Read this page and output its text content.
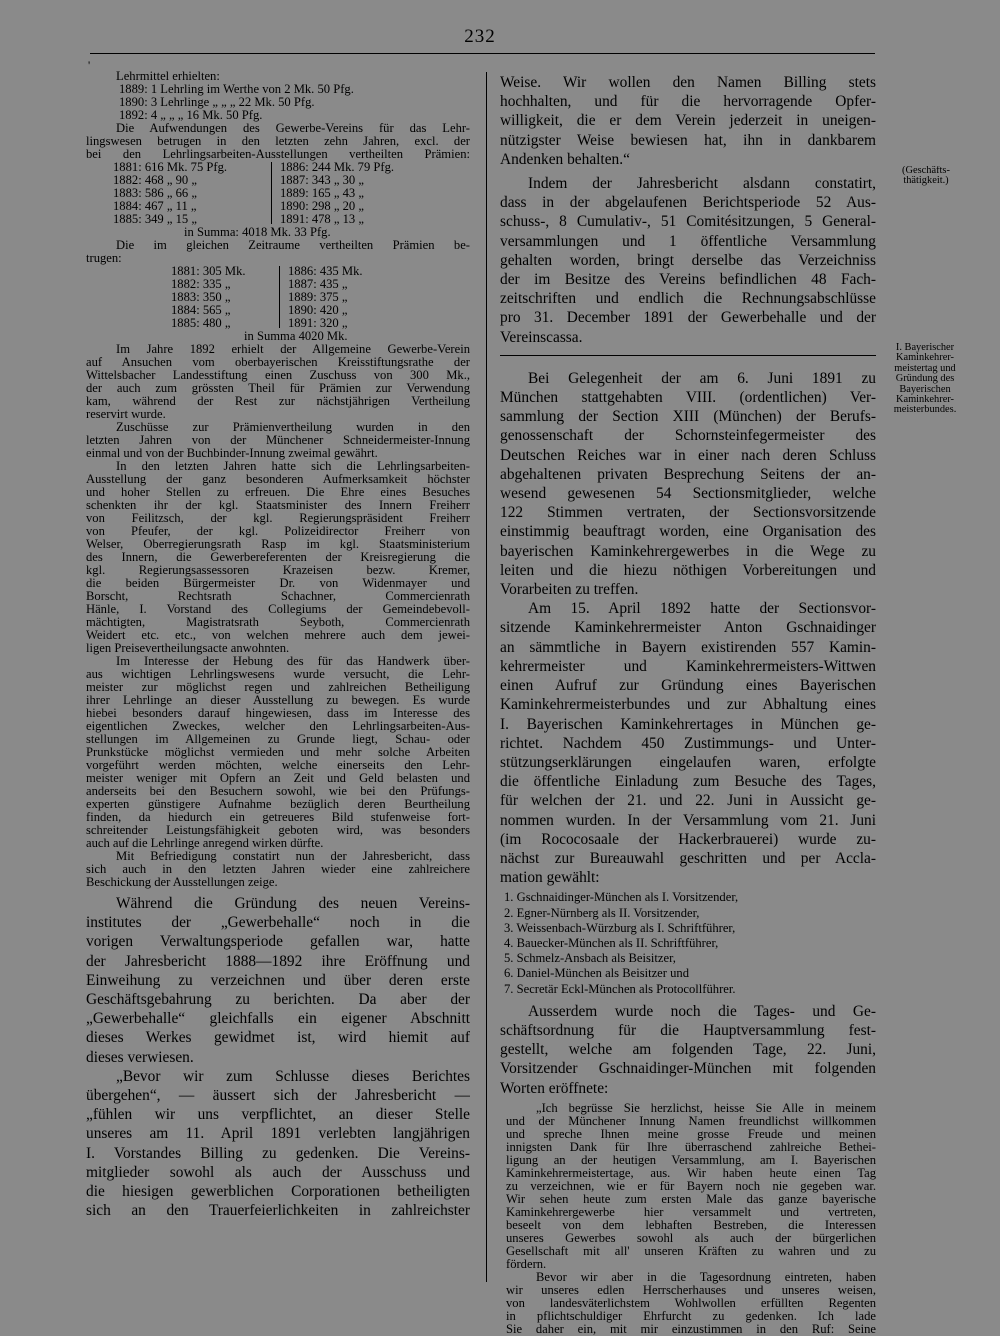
232
'
Lehrmittel erhielten:
1889: 1 Lehrling im Werthe von 2 Mk. 50 Pfg.
1890: 3 Lehrlinge „ „ „ 22 Mk. 50 Pfg.
1892: 4 „ „ „ 16 Mk. 50 Pfg.
Die Aufwendungen des Gewerbe-Vereins für das Lehr-
lingswesen betrugen in den letzten zehn Jahren, excl. der
bei den Lehrlingsarbeiten-Ausstellungen vertheilten Prämien:
1881: 616 Mk. 75 Pfg.
1882: 468 „ 90 „
1883: 586 „ 66 „
1884: 467 „ 11 „
1885: 349 „ 15 „
1886: 244 Mk. 79 Pfg.
1887: 343 „ 30 „
1889: 165 „ 43 „
1890: 298 „ 20 „
1891: 478 „ 13 „
in Summa: 4018 Mk. 33 Pfg.
Die im gleichen Zeitraume vertheilten Prämien be-
trugen:
1881: 305 Mk.
1882: 335 „
1883: 350 „
1884: 565 „
1885: 480 „
1886: 435 Mk.
1887: 435 „
1889: 375 „
1890: 420 „
1891: 320 „
in Summa 4020 Mk.
Im Jahre 1892 erhielt der Allgemeine Gewerbe-Verein
auf Ansuchen vom oberbayerischen Kreisstiftungsrathe der
Wittelsbacher Landesstiftung einen Zuschuss von 300 Mk.,
der auch zum grössten Theil für Prämien zur Verwendung
kam, während der Rest zur nächstjährigen Vertheilung
reservirt wurde.
Zuschüsse zur Prämienvertheilung wurden in den
letzten Jahren von der Münchener Schneidermeister-Innung
einmal und von der Buchbinder-Innung zweimal gewährt.
In den letzten Jahren hatte sich die Lehrlingsarbeiten-
Ausstellung der ganz besonderen Aufmerksamkeit höchster
und hoher Stellen zu erfreuen. Die Ehre eines Besuches
schenkten ihr der kgl. Staatsminister des Innern Freiherr
von Feilitzsch, der kgl. Regierungspräsident Freiherr
von Pfeufer, der kgl. Polizeidirector Freiherr von
Welser, Oberregierungsrath Rasp im kgl. Staatsministerium
des Innern, die Gewerbereferenten der Kreisregierung die
kgl. Regierungsassessoren Krazeisen bezw. Kremer,
die beiden Bürgermeister Dr. von Widenmayer und
Borscht, Rechtsrath Schachner, Commercienrath
Hänle, I. Vorstand des Collegiums der Gemeindebevoll-
mächtigten, Magistratsrath Seyboth, Commercienrath
Weidert etc. etc., von welchen mehrere auch dem jewei-
ligen Preisevertheilungsacte anwohnten.
Im Interesse der Hebung des für das Handwerk über-
aus wichtigen Lehrlingswesens wurde versucht, die Lehr-
meister zur möglichst regen und zahlreichen Betheiligung
ihrer Lehrlinge an dieser Ausstellung zu bewegen. Es wurde
hiebei besonders darauf hingewiesen, dass im Interesse des
eigentlichen Zweckes, welcher den Lehrlingsarbeiten-Aus-
stellungen im Allgemeinen zu Grunde liegt, Schau- oder
Prunkstücke möglichst vermieden und mehr solche Arbeiten
vorgeführt werden möchten, welche einerseits den Lehr-
meister weniger mit Opfern an Zeit und Geld belasten und
anderseits bei den Besuchern sowohl, wie bei den Prüfungs-
experten günstigere Aufnahme bezüglich deren Beurtheilung
finden, da hiedurch ein getreueres Bild stufenweise fort-
schreitender Leistungsfähigkeit geboten wird, was besonders
auch auf die Lehrlinge anregend wirken dürfte.
Mit Befriedigung constatirt nun der Jahresbericht, dass
sich auch in den letzten Jahren wieder eine zahlreichere
Beschickung der Ausstellungen zeige.
Während die Gründung des neuen Vereins-
institutes der „Gewerbehalle“ noch in die
vorigen Verwaltungsperiode gefallen war, hatte
der Jahresbericht 1888—1892 ihre Eröffnung und
Einweihung zu verzeichnen und über deren erste
Geschäftsgebahrung zu berichten. Da aber der
„Gewerbehalle“ gleichfalls ein eigener Abschnitt
dieses Werkes gewidmet ist, wird hiemit auf
dieses verwiesen.
„Bevor wir zum Schlusse dieses Berichtes
übergehen“, — äussert sich der Jahresbericht —
„fühlen wir uns verpflichtet, an dieser Stelle
unseres am 11. April 1891 verlebten langjährigen
I. Vorstandes Billing zu gedenken. Die Vereins-
mitglieder sowohl als auch der Ausschuss und
die hiesigen gewerblichen Corporationen betheiligten
sich an den Trauerfeierlichkeiten in zahlreichster
Weise. Wir wollen den Namen Billing stets
hochhalten, und für die hervorragende Opfer-
willigkeit, die er dem Verein jederzeit in uneigen-
nützigster Weise bewiesen hat, ihn in dankbarem
Andenken behalten.“
Indem der Jahresbericht alsdann constatirt,
dass in der abgelaufenen Berichtsperiode 52 Aus-
schuss-, 8 Cumulativ-, 51 Comitésitzungen, 5 General-
versammlungen und 1 öffentliche Versammlung
gehalten worden, bringt derselbe das Verzeichniss
der im Besitze des Vereins befindlichen 48 Fach-
zeitschriften und endlich die Rechnungsabschlüsse
pro 31. December 1891 der Gewerbehalle und der
Vereinscassa.
Bei Gelegenheit der am 6. Juni 1891 zu
München stattgehabten VIII. (ordentlichen) Ver-
sammlung der Section XIII (München) der Berufs-
genossenschaft der Schornsteinfegermeister des
Deutschen Reiches war in einer nach deren Schluss
abgehaltenen privaten Besprechung Seitens der an-
wesend gewesenen 54 Sectionsmitglieder, welche
122 Stimmen vertraten, der Sectionsvorsitzende
einstimmig beauftragt worden, eine Organisation des
bayerischen Kaminkehrergewerbes in die Wege zu
leiten und die hiezu nöthigen Vorbereitungen und
Vorarbeiten zu treffen.
Am 15. April 1892 hatte der Sectionsvor-
sitzende Kaminkehrermeister Anton Gschnaidinger
an sämmtliche in Bayern existirenden 557 Kamin-
kehrermeister und Kaminkehrermeisters-Wittwen
einen Aufruf zur Gründung eines Bayerischen
Kaminkehrermeisterbundes und zur Abhaltung eines
I. Bayerischen Kaminkehrertages in München ge-
richtet. Nachdem 450 Zustimmungs- und Unter-
stützungserklärungen eingelaufen waren, erfolgte
die öffentliche Einladung zum Besuche des Tages,
für welchen der 21. und 22. Juni in Aussicht ge-
nommen wurden. In der Versammlung vom 21. Juni
(im Rococosaale der Hackerbrauerei) wurde zu-
nächst zur Bureauwahl geschritten und per Accla-
mation gewählt:
1. Gschnaidinger-München als I. Vorsitzender,
2. Egner-Nürnberg als II. Vorsitzender,
3. Weissenbach-Würzburg als I. Schriftführer,
4. Bauecker-München als II. Schriftführer,
5. Schmelz-Ansbach als Beisitzer,
6. Daniel-München als Beisitzer und
7. Secretär Eckl-München als Protocollführer.
Ausserdem wurde noch die Tages- und Ge-
schäftsordnung für die Hauptversammlung fest-
gestellt, welche am folgenden Tage, 22. Juni,
Vorsitzender Gschnaidinger-München mit folgenden
Worten eröffnete:
„Ich begrüsse Sie herzlichst, heisse Sie Alle in meinem
und der Münchener Innung Namen freundlichst willkommen
und spreche Ihnen meine grosse Freude und meinen
innigsten Dank für Ihre überraschend zahlreiche Bethei-
ligung an der heutigen Versammlung, am I. Bayerischen
Kaminkehrermeistertage, aus. Wir haben heute einen Tag
zu verzeichnen, wie er für Bayern noch nie gegeben war.
Wir sehen heute zum ersten Male das ganze bayerische
Kaminkehrergewerbe hier versammelt und vertreten,
beseelt von dem lebhaften Bestreben, die Interessen
unseres Gewerbes sowohl als auch der bürgerlichen
Gesellschaft mit all' unseren Kräften zu wahren und zu
fördern.
Bevor wir aber in die Tagesordnung eintreten, haben
wir unseres edlen Herrscherhauses und unseres weisen,
von landesväterlichstem Wohlwollen erfüllten Regenten
in pflichtschuldiger Ehrfurcht zu gedenken. Ich lade
Sie daher ein, mit mir einzustimmen in den Ruf: Seine
(Geschäfts-
thätigkeit.)
I. Bayerischer
Kaminkehrer-
meistertag und
Gründung des
Bayerischen
Kaminkehrer-
meisterbundes.
